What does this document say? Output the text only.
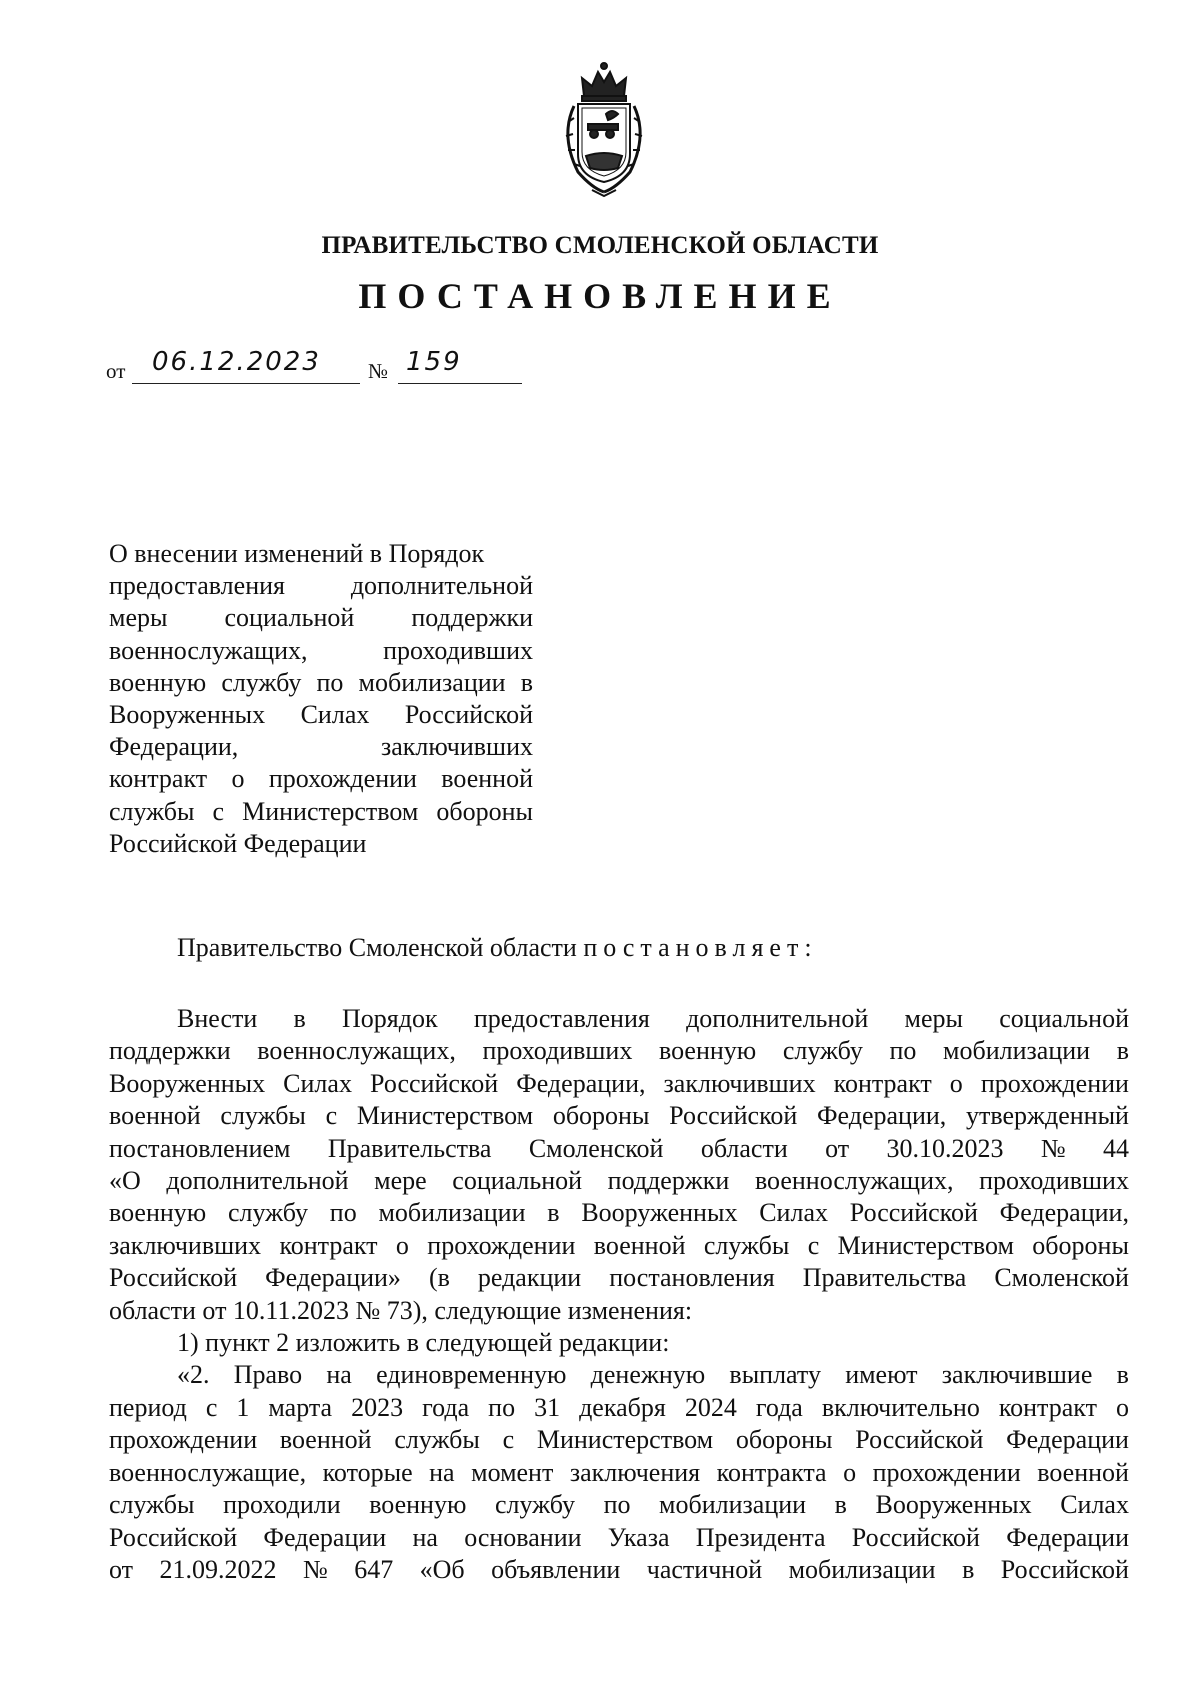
ПРАВИТЕЛЬСТВО СМОЛЕНСКОЙ ОБЛАСТИ
ПОСТАНОВЛЕНИЕ
от 06.12.2023 № 159
О внесении изменений в Порядок
предоставления	дополнительной
меры социальной поддержки
военнослужащих,	проходивших
военную службу по мобилизации в
Вооруженных Силах Российской
Федерации,	заключивших
контракт о прохождении военной
службы с Министерством обороны
Российской Федерации
Правительство Смоленской области постановляет:

Внести в Порядок предоставления дополнительной меры социальной
поддержки военнослужащих, проходивших военную службу по мобилизации в
Вооруженных Силах Российской Федерации, заключивших контракт о прохождении
военной службы с Министерством обороны Российской Федерации, утвержденный
постановлением Правительства Смоленской области от 30.10.2023 № 44
«О дополнительной мере социальной поддержки военнослужащих, проходивших
военную службу по мобилизации в Вооруженных Силах Российской Федерации,
заключивших контракт о прохождении военной службы с Министерством обороны
Российской Федерации» (в редакции постановления Правительства Смоленской

области от 10.11.2023 № 73), следующие изменения:

1) пункт 2 изложить в следующей редакции:

«2. Право на единовременную денежную выплату имеют заключившие в
период с 1 марта 2023 года по 31 декабря 2024 года включительно контракт о
прохождении военной службы с Министерством обороны Российской Федерации
военнослужащие, которые на момент заключения контракта о прохождении военной
службы проходили военную службу по мобилизации в Вооруженных Силах
Российской Федерации на основании Указа Президента Российской Федерации
от 21.09.2022 № 647 «Об объявлении частичной мобилизации в Российской
